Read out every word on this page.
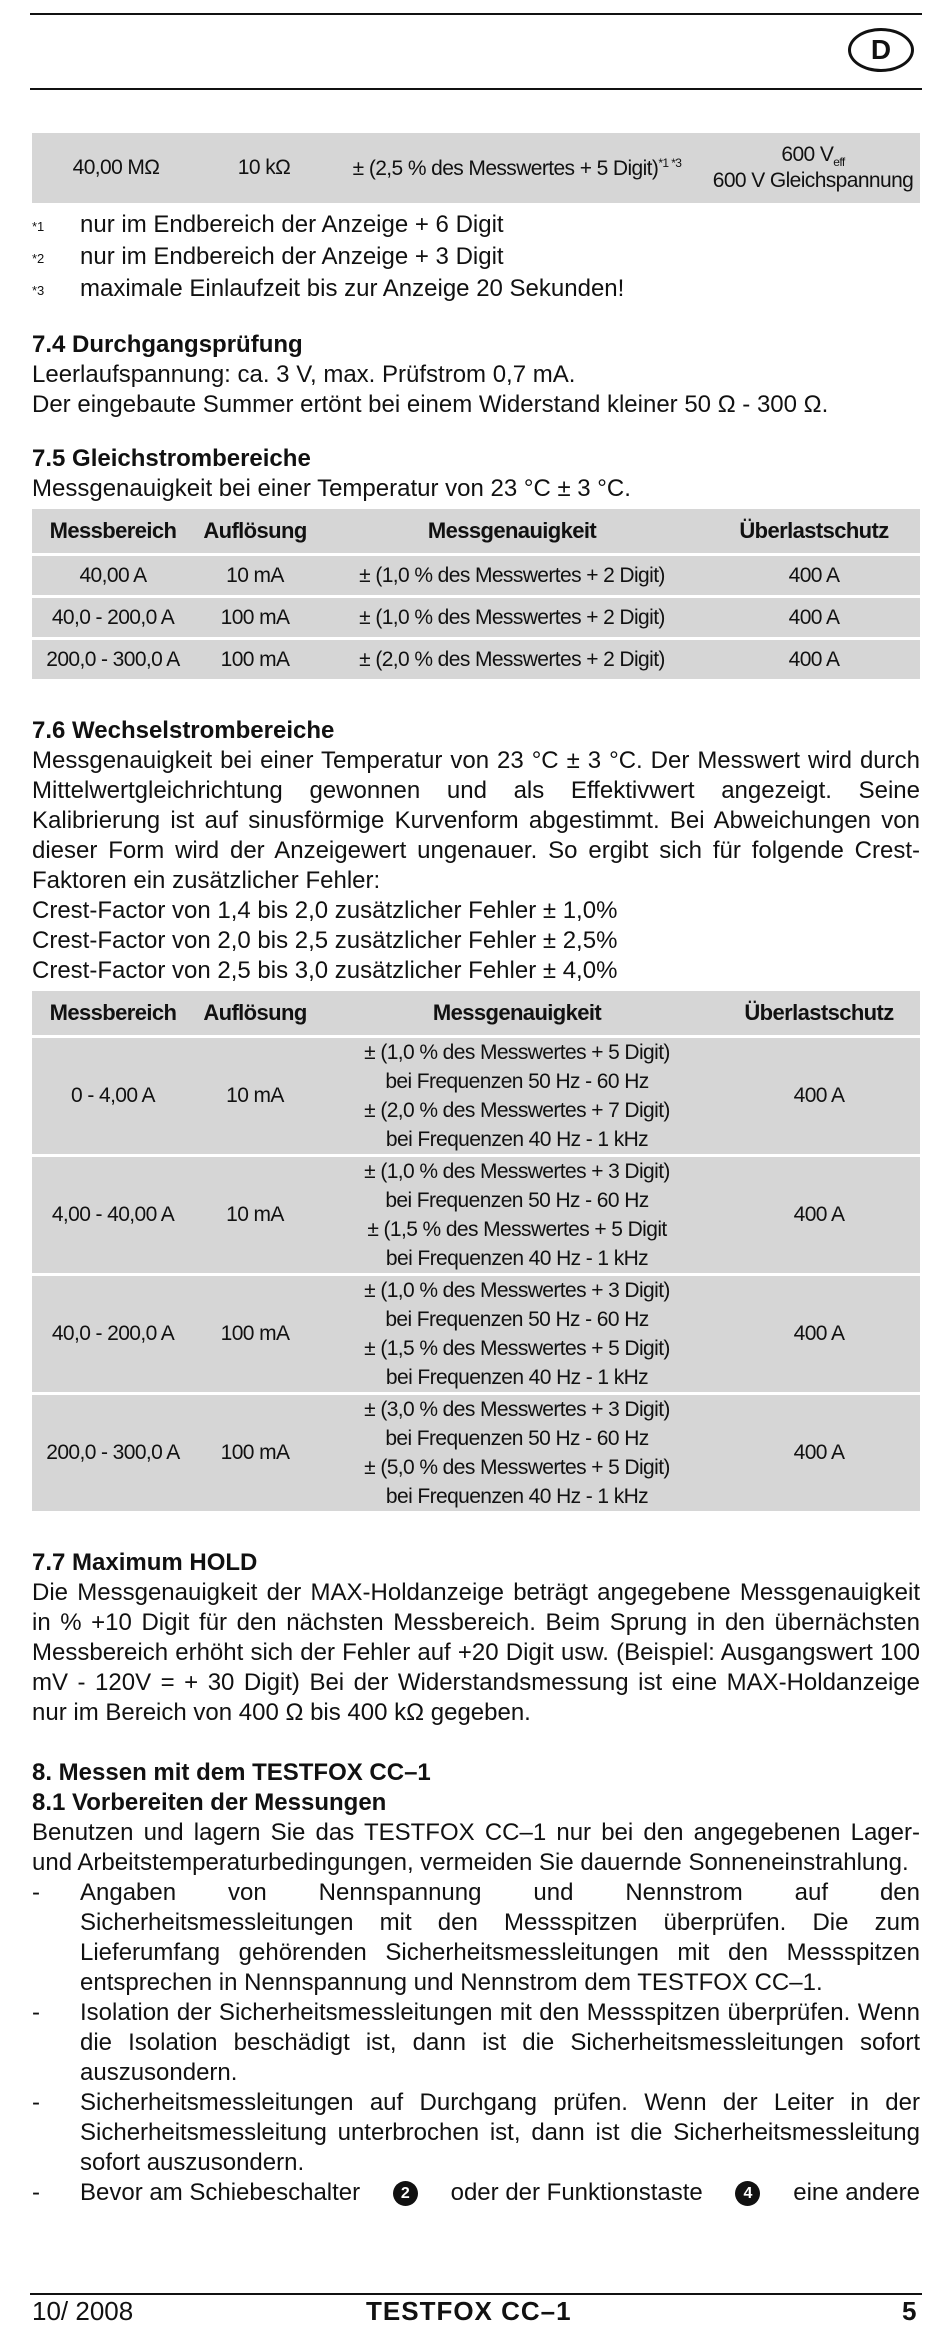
D
40,00 MΩ	10 kΩ	± (2,5 % des Messwertes + 5 Digit)$^{*1 *3}$	600 $V_{eff}$
600 V Gleichspannung
*1	nur im Endbereich der Anzeige + 6 Digit
*2	nur im Endbereich der Anzeige + 3 Digit
*3	maximale Einlaufzeit bis zur Anzeige 20 Sekunden!
7.4 Durchgangsprüfung

Leerlaufspannung: ca. 3 V, max. Prüfstrom 0,7 mA.

Der eingebaute Summer ertönt bei einem Widerstand kleiner 50 Ω - 300 Ω.

7.5 Gleichstrombereiche

Messgenauigkeit bei einer Temperatur von 23 °C ± 3 °C.

Messbereich	Auflösung	Messgenauigkeit	Überlastschutz
40,00 A	10 mA	± (1,0 % des Messwertes + 2 Digit)	400 A
40,0 - 200,0 A	100 mA	± (1,0 % des Messwertes + 2 Digit)	400 A
200,0 - 300,0 A	100 mA	± (2,0 % des Messwertes + 2 Digit)	400 A
7.6 Wechselstrombereiche

Messgenauigkeit bei einer Temperatur von 23 °C ± 3 °C. Der Messwert wird durch Mittelwertgleichrichtung gewonnen und als Effektivwert angezeigt. Seine Kalibrierung ist auf sinusförmige Kurvenform abgestimmt. Bei Abweichungen von dieser Form wird der Anzeigewert ungenauer. So ergibt sich für folgende Crest-Faktoren ein zusätzlicher Fehler:

Crest-Factor von 1,4 bis 2,0 zusätzlicher Fehler ± 1,0%

Crest-Factor von 2,0 bis 2,5 zusätzlicher Fehler ± 2,5%

Crest-Factor von 2,5 bis 3,0 zusätzlicher Fehler ± 4,0%

Messbereich	Auflösung	Messgenauigkeit	Überlastschutz
0 - 4,00 A	10 mA	± (1,0 % des Messwertes + 5 Digit)
bei Frequenzen 50 Hz - 60 Hz
± (2,0 % des Messwertes + 7 Digit)
bei Frequenzen 40 Hz - 1 kHz	400 A
4,00 - 40,00 A	10 mA	± (1,0 % des Messwertes + 3 Digit)
bei Frequenzen 50 Hz - 60 Hz
± (1,5 % des Messwertes + 5 Digit
bei Frequenzen 40 Hz - 1 kHz	400 A
40,0 - 200,0 A	100 mA	± (1,0 % des Messwertes + 3 Digit)
bei Frequenzen 50 Hz - 60 Hz
± (1,5 % des Messwertes + 5 Digit)
bei Frequenzen 40 Hz - 1 kHz	400 A
200,0 - 300,0 A	100 mA	± (3,0 % des Messwertes + 3 Digit)
bei Frequenzen 50 Hz - 60 Hz
± (5,0 % des Messwertes + 5 Digit)
bei Frequenzen 40 Hz - 1 kHz	400 A
7.7 Maximum HOLD

Die Messgenauigkeit der MAX-Holdanzeige beträgt angegebene Messgenauigkeit in % +10 Digit für den nächsten Messbereich. Beim Sprung in den übernächsten Messbereich erhöht sich der Fehler auf +20 Digit usw. (Beispiel: Ausgangswert 100 mV - 120V = + 30 Digit) Bei der Widerstandsmessung ist eine MAX-Holdanzeige nur im Bereich von 400 Ω bis 400 kΩ gegeben.

8. Messen mit dem TESTFOX CC–1
8.1 Vorbereiten der Messungen

Benutzen und lagern Sie das TESTFOX CC–1 nur bei den angegebenen Lager- und Arbeitstemperaturbedingungen, vermeiden Sie dauernde Sonneneinstrahlung.

-	Angaben von Nennspannung und Nennstrom auf den Sicherheitsmessleitungen mit den Messspitzen überprüfen. Die zum Lieferumfang gehörenden Sicherheitsmessleitungen mit den Messspitzen entsprechen in Nennspannung und Nennstrom dem TESTFOX CC–1.
-	Isolation der Sicherheitsmessleitungen mit den Messspitzen überprüfen. Wenn die Isolation beschädigt ist, dann ist die Sicherheitsmessleitungen sofort auszusondern.
-	Sicherheitsmessleitungen auf Durchgang prüfen. Wenn der Leiter in der Sicherheitsmessleitung unterbrochen ist, dann ist die Sicherheitsmessleitung sofort auszusondern.
-	Bevor am Schiebeschalter	2	oder der Funktionstaste	4	eine andere
10/ 2008	TESTFOX CC–1	5
